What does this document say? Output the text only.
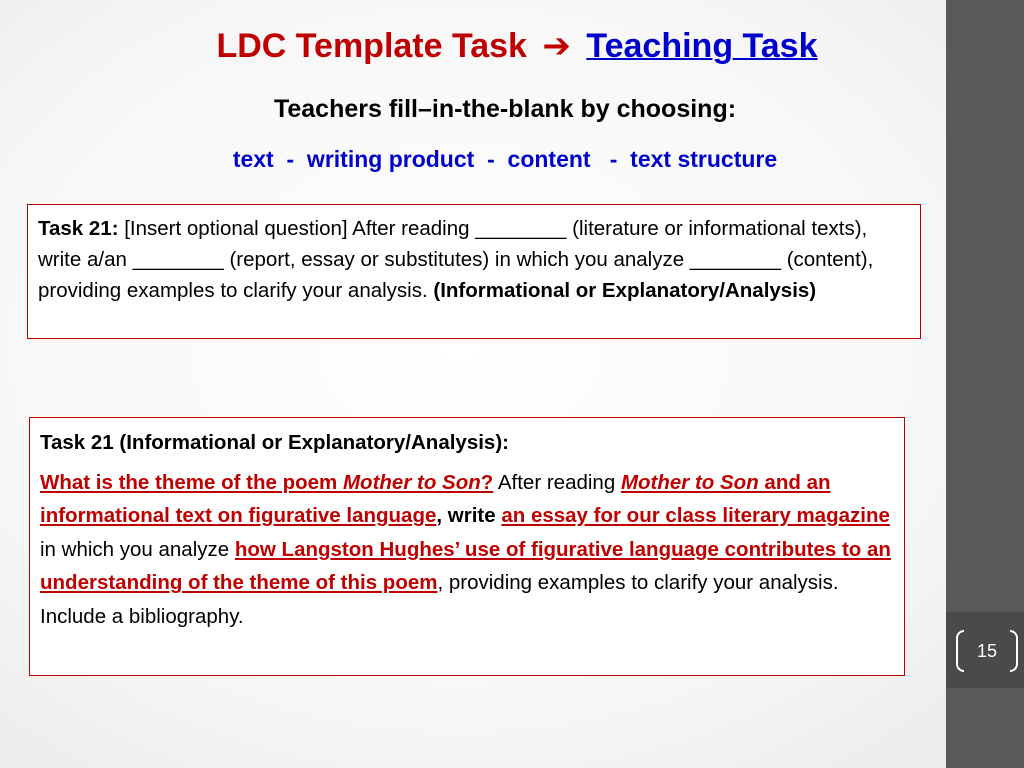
LDC Template Task ➔ Teaching Task
Teachers fill–in-the-blank by choosing:
text  -  writing product  -  content   -  text structure
Task 21: [Insert optional question] After reading ________ (literature or informational texts), write a/an ________ (report, essay or substitutes) in which you analyze ________ (content), providing examples to clarify your analysis. (Informational or Explanatory/Analysis)
Task 21 (Informational or Explanatory/Analysis):
What is the theme of the poem Mother to Son? After reading Mother to Son and an informational text on figurative language, write an essay for our class literary magazine in which you analyze how Langston Hughes’ use of figurative language contributes to an understanding of the theme of this poem, providing examples to clarify your analysis. Include a bibliography.
15
